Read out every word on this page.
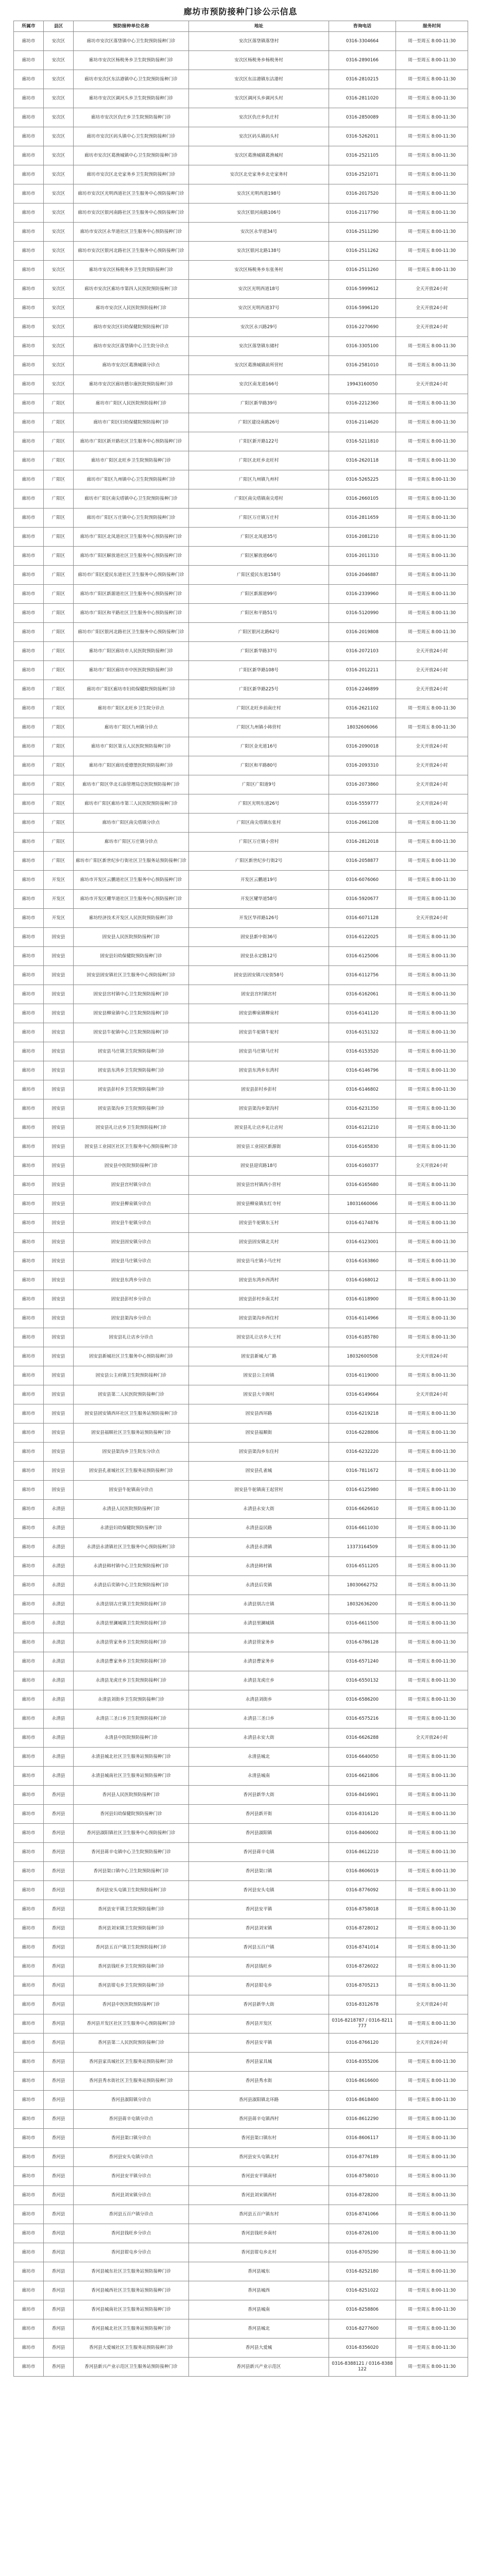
廊坊市预防接种门诊公示信息
所属市	县区	预防接种单位名称	地址	咨询电话	服务时间
廊坊市	安次区	廊坊市安次区落垡镇中心卫生院预防接种门诊	安次区落垡镇落垡村	0316-3304664	周一至周五 8:00-11:30
廊坊市	安次区	廊坊市安次区杨税务乡卫生院预防接种门诊	安次区杨税务乡杨税务村	0316-2890166	周一至周五 8:00-11:30
廊坊市	安次区	廊坊市安次区东沽港镇中心卫生院预防接种门诊	安次区东沽港镇东沽港村	0316-2810215	周一至周五 8:00-11:30
廊坊市	安次区	廊坊市安次区调河头乡卫生院预防接种门诊	安次区调河头乡调河头村	0316-2811020	周一至周五 8:00-11:30
廊坊市	安次区	廊坊市安次区仇庄乡卫生院预防接种门诊	安次区仇庄乡仇庄村	0316-2850089	周一至周五 8:00-11:30
廊坊市	安次区	廊坊市安次区码头镇中心卫生院预防接种门诊	安次区码头镇码头村	0316-5262011	周一至周五 8:00-11:30
廊坊市	安次区	廊坊市安次区葛渔城镇中心卫生院预防接种门诊	安次区葛渔城镇葛渔城村	0316-2521105	周一至周五 8:00-11:30
廊坊市	安次区	廊坊市安次区北史家务乡卫生院预防接种门诊	安次区北史家务乡北史家务村	0316-2521071	周一至周五 8:00-11:30
廊坊市	安次区	廊坊市安次区光明西道社区卫生服务中心预防接种门诊	安次区光明西道198号	0316-2017520	周一至周五 8:00-11:30
廊坊市	安次区	廊坊市安次区银河南路社区卫生服务中心预防接种门诊	安次区银河南路106号	0316-2117790	周一至周五 8:00-11:30
廊坊市	安次区	廊坊市安次区永华道社区卫生服务中心预防接种门诊	安次区永华道34号	0316-2511290	周一至周五 8:00-11:30
廊坊市	安次区	廊坊市安次区银河北路社区卫生服务中心预防接种门诊	安次区银河北路138号	0316-2511262	周一至周五 8:00-11:30
廊坊市	安次区	廊坊市安次区杨税务乡卫生院预防接种门诊	安次区杨税务乡东张务村	0316-2511260	周一至周五 8:00-11:30
廊坊市	安次区	廊坊市安次区廊坊市第四人民医院预防接种门诊	安次区光明西道18号	0316-5999612	全天开放24小时
廊坊市	安次区	廊坊市安次区人民医院预防接种门诊	安次区光明西道37号	0316-5996120	全天开放24小时
廊坊市	安次区	廊坊市安次区妇幼保健院预防接种门诊	安次区永兴路29号	0316-2270690	全天开放24小时
廊坊市	安次区	廊坊市安次区落垡镇中心卫生院分诊点	安次区落垡镇东储村	0316-3305100	周一至周五 8:00-11:30
廊坊市	安次区	廊坊市安次区葛渔城镇分诊点	安次区葛渔城镇前所营村	0316-2581010	周一至周五 8:00-11:30
廊坊市	安次区	廊坊市安次区廊坊德尔康医院预防接种门诊	安次区南龙道166号	19943160050	全天开放24小时
廊坊市	广阳区	廊坊市广阳区人民医院预防接种门诊	广阳区新华路39号	0316-2212360	周一至周五 8:00-11:30
廊坊市	广阳区	廊坊市广阳区妇幼保健院预防接种门诊	广阳区建设南路26号	0316-2114620	周一至周五 8:00-11:30
廊坊市	广阳区	廊坊市广阳区新开路社区卫生服务中心预防接种门诊	广阳区新开路122号	0316-5211810	周一至周五 8:00-11:30
廊坊市	广阳区	廊坊市广阳区北旺乡卫生院预防接种门诊	广阳区北旺乡北旺村	0316-2620118	周一至周五 8:00-11:30
廊坊市	广阳区	廊坊市广阳区九州镇中心卫生院预防接种门诊	广阳区九州镇九州村	0316-5265225	周一至周五 8:00-11:30
廊坊市	广阳区	廊坊市广阳区南尖塔镇中心卫生院预防接种门诊	广阳区南尖塔镇南尖塔村	0316-2660105	周一至周五 8:00-11:30
廊坊市	广阳区	廊坊市广阳区万庄镇中心卫生院预防接种门诊	广阳区万庄镇万庄村	0316-2811659	周一至周五 8:00-11:30
廊坊市	广阳区	廊坊市广阳区北凤道社区卫生服务中心预防接种门诊	广阳区北凤道35号	0316-2081210	周一至周五 8:00-11:30
廊坊市	广阳区	廊坊市广阳区解放道社区卫生服务中心预防接种门诊	广阳区解放道66号	0316-2011310	周一至周五 8:00-11:30
廊坊市	广阳区	廊坊市广阳区爱民东道社区卫生服务中心预防接种门诊	广阳区爱民东道158号	0316-2046887	周一至周五 8:00-11:30
廊坊市	广阳区	廊坊市广阳区新源道社区卫生服务中心预防接种门诊	广阳区新源道99号	0316-2339960	周一至周五 8:00-11:30
廊坊市	广阳区	廊坊市广阳区和平路社区卫生服务中心预防接种门诊	广阳区和平路51号	0316-5120990	周一至周五 8:00-11:30
廊坊市	广阳区	廊坊市广阳区银河北路社区卫生服务中心预防接种门诊	广阳区银河北路62号	0316-2019808	周一至周五 8:00-11:30
廊坊市	广阳区	廊坊市广阳区廊坊市人民医院预防接种门诊	广阳区新华路37号	0316-2072103	全天开放24小时
廊坊市	广阳区	廊坊市广阳区廊坊市中医医院预防接种门诊	广阳区新华路108号	0316-2012211	全天开放24小时
廊坊市	广阳区	廊坊市广阳区廊坊市妇幼保健院预防接种门诊	广阳区新华路225号	0316-2246899	全天开放24小时
廊坊市	广阳区	廊坊市广阳区北旺乡卫生院分诊点	广阳区北旺乡前南庄村	0316-2621102	周一至周五 8:00-11:30
廊坊市	广阳区	廊坊市广阳区九州镇分诊点	广阳区九州镇小韩营村	18032606066	周一至周五 8:00-11:30
廊坊市	广阳区	廊坊市广阳区第五人民医院预防接种门诊	广阳区金光道16号	0316-2090018	全天开放24小时
廊坊市	广阳区	廊坊市广阳区廊坊爱德堡医院预防接种门诊	广阳区和平路80号	0316-2093310	全天开放24小时
廊坊市	广阳区	廊坊市广阳区华北石油管理局总医院预防接种门诊	广阳区广阳道9号	0316-2073860	全天开放24小时
廊坊市	广阳区	廊坊市广阳区廊坊市第三人民医院预防接种门诊	广阳区光明东道26号	0316-5559777	全天开放24小时
廊坊市	广阳区	廊坊市广阳区南尖塔镇分诊点	广阳区南尖塔镇东张村	0316-2661208	周一至周五 8:00-11:30
廊坊市	广阳区	廊坊市广阳区万庄镇分诊点	广阳区万庄镇小营村	0316-2812018	周一至周五 8:00-11:30
廊坊市	广阳区	廊坊市广阳区新世纪步行街社区卫生服务站预防接种门诊	广阳区新世纪步行街2号	0316-2058877	周一至周五 8:00-11:30
廊坊市	开发区	廊坊市开发区云鹏道社区卫生服务中心预防接种门诊	开发区云鹏道19号	0316-6076060	周一至周五 8:00-11:30
廊坊市	开发区	廊坊市开发区耀华道社区卫生服务中心预防接种门诊	开发区耀华道58号	0316-5920677	周一至周五 8:00-11:30
廊坊市	开发区	廊坊经济技术开发区人民医院预防接种门诊	开发区华祥路126号	0316-6071128	全天开放24小时
廊坊市	固安县	固安县人民医院预防接种门诊	固安县新中街36号	0316-6122025	周一至周五 8:00-11:30
廊坊市	固安县	固安县妇幼保健院预防接种门诊	固安县永定路12号	0316-6125006	周一至周五 8:00-11:30
廊坊市	固安县	固安县固安镇社区卫生服务中心预防接种门诊	固安县固安镇兴安街58号	0316-6112756	周一至周五 8:00-11:30
廊坊市	固安县	固安县宫村镇中心卫生院预防接种门诊	固安县宫村镇宫村	0316-6162061	周一至周五 8:00-11:30
廊坊市	固安县	固安县柳泉镇中心卫生院预防接种门诊	固安县柳泉镇柳泉村	0316-6141120	周一至周五 8:00-11:30
廊坊市	固安县	固安县牛驼镇中心卫生院预防接种门诊	固安县牛驼镇牛驼村	0316-6151322	周一至周五 8:00-11:30
廊坊市	固安县	固安县马庄镇卫生院预防接种门诊	固安县马庄镇马庄村	0316-6153520	周一至周五 8:00-11:30
廊坊市	固安县	固安县东湾乡卫生院预防接种门诊	固安县东湾乡东湾村	0316-6146796	周一至周五 8:00-11:30
廊坊市	固安县	固安县彭村乡卫生院预防接种门诊	固安县彭村乡彭村	0316-6146802	周一至周五 8:00-11:30
廊坊市	固安县	固安县渠沟乡卫生院预防接种门诊	固安县渠沟乡渠沟村	0316-6231350	周一至周五 8:00-11:30
廊坊市	固安县	固安县礼让店乡卫生院预防接种门诊	固安县礼让店乡礼让店村	0316-6121210	周一至周五 8:00-11:30
廊坊市	固安县	固安县工业园区社区卫生服务中心预防接种门诊	固安县工业园区新源街	0316-6165830	周一至周五 8:00-11:30
廊坊市	固安县	固安县中医院预防接种门诊	固安县迎宾路18号	0316-6160377	全天开放24小时
廊坊市	固安县	固安县宫村镇分诊点	固安县宫村镇西小营村	0316-6165680	周一至周五 8:00-11:30
廊坊市	固安县	固安县柳泉镇分诊点	固安县柳泉镇东红寺村	18031660066	周一至周五 8:00-11:30
廊坊市	固安县	固安县牛驼镇分诊点	固安县牛驼镇东玉村	0316-6174876	周一至周五 8:00-11:30
廊坊市	固安县	固安县固安镇分诊点	固安县固安镇北关村	0316-6123001	周一至周五 8:00-11:30
廊坊市	固安县	固安县马庄镇分诊点	固安县马庄镇小马庄村	0316-6163860	周一至周五 8:00-11:30
廊坊市	固安县	固安县东湾乡分诊点	固安县东湾乡西湾村	0316-6168012	周一至周五 8:00-11:30
廊坊市	固安县	固安县彭村乡分诊点	固安县彭村乡南关村	0316-6118900	周一至周五 8:00-11:30
廊坊市	固安县	固安县渠沟乡分诊点	固安县渠沟乡西住村	0316-6114966	周一至周五 8:00-11:30
廊坊市	固安县	固安县礼让店乡分诊点	固安县礼让店乡大王村	0316-6185780	周一至周五 8:00-11:30
廊坊市	固安县	固安县新城社区卫生服务中心预防接种门诊	固安县新城大广路	18032600508	全天开放24小时
廊坊市	固安县	固安县公主府镇卫生院预防接种门诊	固安县公主府镇	0316-6119000	周一至周五 8:00-11:30
廊坊市	固安县	固安县第二人民医院预防接种门诊	固安县大辛阁村	0316-6149664	全天开放24小时
廊坊市	固安县	固安县固安镇西环社区卫生服务站预防接种门诊	固安县西环路	0316-6219218	周一至周五 8:00-11:30
廊坊市	固安县	固安县福顺社区卫生服务站预防接种门诊	固安县福顺街	0316-6228806	周一至周五 8:00-11:30
廊坊市	固安县	固安县渠沟乡卫生院东分诊点	固安县渠沟乡东住村	0316-6232220	周一至周五 8:00-11:30
廊坊市	固安县	固安县孔雀城社区卫生服务站预防接种门诊	固安县孔雀城	0316-7811672	周一至周五 8:00-11:30
廊坊市	固安县	固安县牛驼镇南分诊点	固安县牛驼镇南王起营村	0316-6125980	周一至周五 8:00-11:30
廊坊市	永清县	永清县人民医院预防接种门诊	永清县永安大街	0316-6626610	周一至周五 8:00-11:30
廊坊市	永清县	永清县妇幼保健院预防接种门诊	永清县益民路	0316-6611030	周一至周五 8:00-11:30
廊坊市	永清县	永清县永清镇社区卫生服务中心预防接种门诊	永清县永清镇	13373164509	周一至周五 8:00-11:30
廊坊市	永清县	永清县韩村镇中心卫生院预防接种门诊	永清县韩村镇	0316-6511205	周一至周五 8:00-11:30
廊坊市	永清县	永清县后奕镇中心卫生院预防接种门诊	永清县后奕镇	18030662752	周一至周五 8:00-11:30
廊坊市	永清县	永清县别古庄镇卫生院预防接种门诊	永清县别古庄镇	18032636200	周一至周五 8:00-11:30
廊坊市	永清县	永清县里澜城镇卫生院预防接种门诊	永清县里澜城镇	0316-6611500	周一至周五 8:00-11:30
廊坊市	永清县	永清县管家务乡卫生院预防接种门诊	永清县管家务乡	0316-6786128	周一至周五 8:00-11:30
廊坊市	永清县	永清县曹家务乡卫生院预防接种门诊	永清县曹家务乡	0316-6571240	周一至周五 8:00-11:30
廊坊市	永清县	永清县龙虎庄乡卫生院预防接种门诊	永清县龙虎庄乡	0316-6550132	周一至周五 8:00-11:30
廊坊市	永清县	永清县刘街乡卫生院预防接种门诊	永清县刘街乡	0316-6586200	周一至周五 8:00-11:30
廊坊市	永清县	永清县三圣口乡卫生院预防接种门诊	永清县三圣口乡	0316-6575216	周一至周五 8:00-11:30
廊坊市	永清县	永清县中医院预防接种门诊	永清县永安大街	0316-6626288	全天开放24小时
廊坊市	永清县	永清县城北社区卫生服务站预防接种门诊	永清县城北	0316-6640050	周一至周五 8:00-11:30
廊坊市	永清县	永清县城南社区卫生服务站预防接种门诊	永清县城南	0316-6621806	周一至周五 8:00-11:30
廊坊市	香河县	香河县人民医院预防接种门诊	香河县新华大街	0316-8416901	周一至周五 8:00-11:30
廊坊市	香河县	香河县妇幼保健院预防接种门诊	香河县新开街	0316-8316120	周一至周五 8:00-11:30
廊坊市	香河县	香河县淑阳镇社区卫生服务中心预防接种门诊	香河县淑阳镇	0316-8406002	周一至周五 8:00-11:30
廊坊市	香河县	香河县蒋辛屯镇中心卫生院预防接种门诊	香河县蒋辛屯镇	0316-8612210	周一至周五 8:00-11:30
廊坊市	香河县	香河县渠口镇中心卫生院预防接种门诊	香河县渠口镇	0316-8606019	周一至周五 8:00-11:30
廊坊市	香河县	香河县安头屯镇卫生院预防接种门诊	香河县安头屯镇	0316-8776092	周一至周五 8:00-11:30
廊坊市	香河县	香河县安平镇卫生院预防接种门诊	香河县安平镇	0316-8758018	周一至周五 8:00-11:30
廊坊市	香河县	香河县刘宋镇卫生院预防接种门诊	香河县刘宋镇	0316-8728012	周一至周五 8:00-11:30
廊坊市	香河县	香河县五百户镇卫生院预防接种门诊	香河县五百户镇	0316-8741014	周一至周五 8:00-11:30
廊坊市	香河县	香河县钱旺乡卫生院预防接种门诊	香河县钱旺乡	0316-8726022	周一至周五 8:00-11:30
廊坊市	香河县	香河县钳屯乡卫生院预防接种门诊	香河县钳屯乡	0316-8705213	周一至周五 8:00-11:30
廊坊市	香河县	香河县中医医院预防接种门诊	香河县新华大街	0316-8312678	全天开放24小时
廊坊市	香河县	香河县开发区社区卫生服务中心预防接种门诊	香河县开发区	0316-8218787 / 0316-8211777	周一至周五 8:00-11:30
廊坊市	香河县	香河县第二人民医院预防接种门诊	香河县安平镇	0316-8766120	全天开放24小时
廊坊市	香河县	香河县家具城社区卫生服务站预防接种门诊	香河县家具城	0316-8355206	周一至周五 8:00-11:30
廊坊市	香河县	香河县秀水街社区卫生服务站预防接种门诊	香河县秀水街	0316-8616600	周一至周五 8:00-11:30
廊坊市	香河县	香河县淑阳镇分诊点	香河县淑阳镇北环路	0316-8618400	周一至周五 8:00-11:30
廊坊市	香河县	香河县蒋辛屯镇分诊点	香河县蒋辛屯镇西村	0316-8612290	周一至周五 8:00-11:30
廊坊市	香河县	香河县渠口镇分诊点	香河县渠口镇东村	0316-8606117	周一至周五 8:00-11:30
廊坊市	香河县	香河县安头屯镇分诊点	香河县安头屯镇北村	0316-8776189	周一至周五 8:00-11:30
廊坊市	香河县	香河县安平镇分诊点	香河县安平镇南村	0316-8758010	周一至周五 8:00-11:30
廊坊市	香河县	香河县刘宋镇分诊点	香河县刘宋镇西村	0316-8728200	周一至周五 8:00-11:30
廊坊市	香河县	香河县五百户镇分诊点	香河县五百户镇东村	0316-8741066	周一至周五 8:00-11:30
廊坊市	香河县	香河县钱旺乡分诊点	香河县钱旺乡南村	0316-8726100	周一至周五 8:00-11:30
廊坊市	香河县	香河县钳屯乡分诊点	香河县钳屯乡北村	0316-8705290	周一至周五 8:00-11:30
廊坊市	香河县	香河县城东社区卫生服务站预防接种门诊	香河县城东	0316-8252180	周一至周五 8:00-11:30
廊坊市	香河县	香河县城西社区卫生服务站预防接种门诊	香河县城西	0316-8251022	周一至周五 8:00-11:30
廊坊市	香河县	香河县城南社区卫生服务站预防接种门诊	香河县城南	0316-8258806	周一至周五 8:00-11:30
廊坊市	香河县	香河县城北社区卫生服务站预防接种门诊	香河县城北	0316-8277600	周一至周五 8:00-11:30
廊坊市	香河县	香河县大爱城社区卫生服务站预防接种门诊	香河县大爱城	0316-8356020	周一至周五 8:00-11:30
廊坊市	香河县	香河县新兴产业示范区卫生服务站预防接种门诊	香河县新兴产业示范区	0316-8388121 / 0316-8388122	周一至周五 8:00-11:30
